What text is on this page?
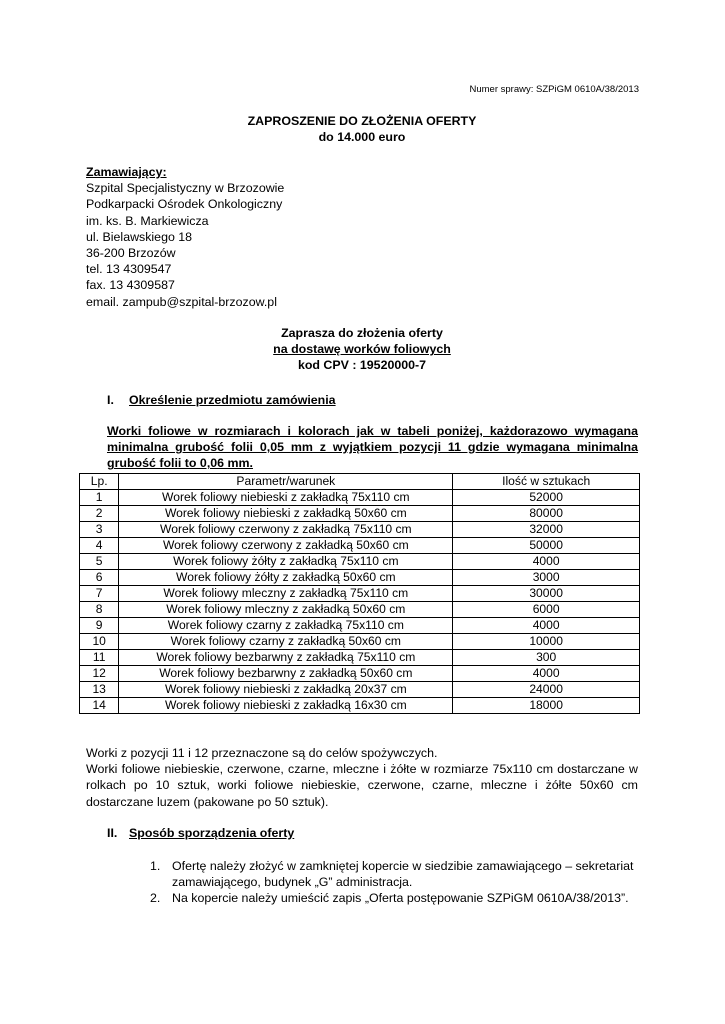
Numer sprawy: SZPiGM 0610A/38/2013
ZAPROSZENIE DO ZŁOŻENIA OFERTY
do 14.000 euro
Zamawiający:
Szpital Specjalistyczny w Brzozowie
Podkarpacki Ośrodek Onkologiczny
im. ks. B. Markiewicza
ul. Bielawskiego 18
36-200 Brzozów
tel. 13 4309547
fax. 13 4309587
email. zampub@szpital-brzozow.pl
Zaprasza do złożenia oferty
na dostawę worków foliowych
kod CPV : 19520000-7
I. Określenie przedmiotu zamówienia
Worki foliowe w rozmiarach i kolorach jak w tabeli poniżej, każdorazowo wymagana minimalna grubość folii 0,05 mm z wyjątkiem pozycji 11 gdzie wymagana minimalna grubość folii to 0,06 mm.
Lp.	Parametr/warunek	Ilość w sztukach
1	Worek foliowy niebieski z zakładką 75x110 cm	52000
2	Worek foliowy niebieski z zakładką 50x60 cm	80000
3	Worek foliowy czerwony z zakładką 75x110 cm	32000
4	Worek foliowy czerwony z zakładką 50x60 cm	50000
5	Worek foliowy żółty z zakładką 75x110 cm	4000
6	Worek foliowy żółty z zakładką 50x60 cm	3000
7	Worek foliowy mleczny z zakładką 75x110 cm	30000
8	Worek foliowy mleczny z zakładką 50x60 cm	6000
9	Worek foliowy czarny z zakładką 75x110 cm	4000
10	Worek foliowy czarny z zakładką 50x60 cm	10000
11	Worek foliowy bezbarwny z zakładką 75x110 cm	300
12	Worek foliowy bezbarwny z zakładką 50x60 cm	4000
13	Worek foliowy niebieski z zakładką 20x37 cm	24000
14	Worek foliowy niebieski z zakładką 16x30 cm	18000

Worki z pozycji 11 i 12 przeznaczone są do celów spożywczych.

Worki foliowe niebieskie, czerwone, czarne, mleczne i żółte w rozmiarze 75x110 cm dostarczane w rolkach po 10 sztuk, worki foliowe niebieskie, czerwone, czarne, mleczne i żółte 50x60 cm dostarczane luzem (pakowane po 50 sztuk).

II. Sposób sporządzenia oferty
1. Ofertę należy złożyć w zamkniętej kopercie w siedzibie zamawiającego – sekretariat zamawiającego, budynek „G” administracja.
2. Na kopercie należy umieścić zapis „Oferta postępowanie SZPiGM 0610A/38/2013”.
